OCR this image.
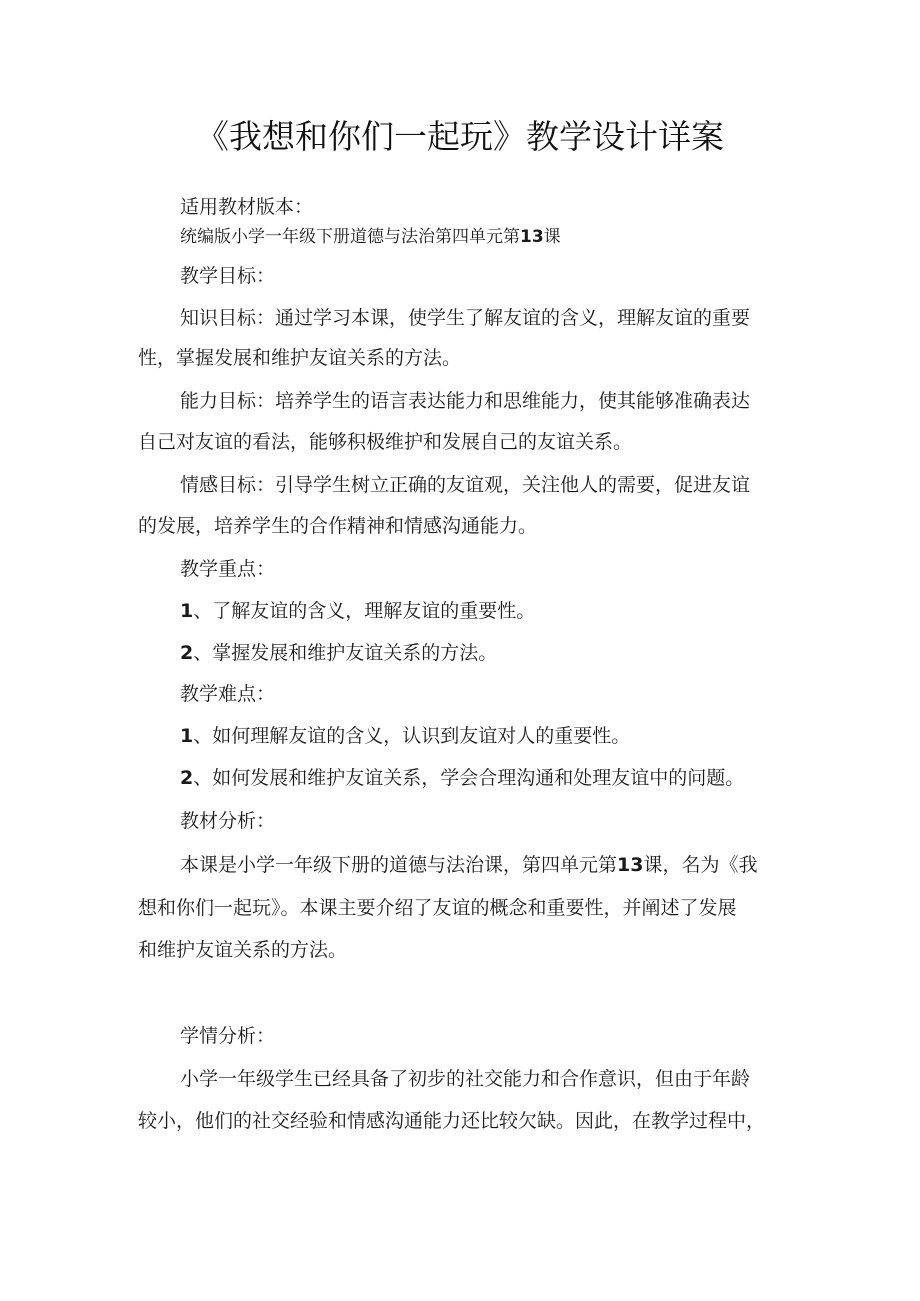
《我想和你们一起玩》教学设计详案
适用教材版本：
统编版小学一年级下册道德与法治第四单元第13课
教学目标：
知识目标：通过学习本课，使学生了解友谊的含义，理解友谊的重要
性，掌握发展和维护友谊关系的方法。
能力目标：培养学生的语言表达能力和思维能力，使其能够准确表达
自己对友谊的看法，能够积极维护和发展自己的友谊关系。
情感目标：引导学生树立正确的友谊观，关注他人的需要，促进友谊
的发展，培养学生的合作精神和情感沟通能力。
教学重点：
1、了解友谊的含义，理解友谊的重要性。
2、掌握发展和维护友谊关系的方法。
教学难点：
1、如何理解友谊的含义，认识到友谊对人的重要性。
2、如何发展和维护友谊关系，学会合理沟通和处理友谊中的问题。
教材分析：
本课是小学一年级下册的道德与法治课，第四单元第13课，名为《我
想和你们一起玩》。本课主要介绍了友谊的概念和重要性，并阐述了发展
和维护友谊关系的方法。
学情分析：
小学一年级学生已经具备了初步的社交能力和合作意识，但由于年龄
较小，他们的社交经验和情感沟通能力还比较欠缺。因此，在教学过程中，
